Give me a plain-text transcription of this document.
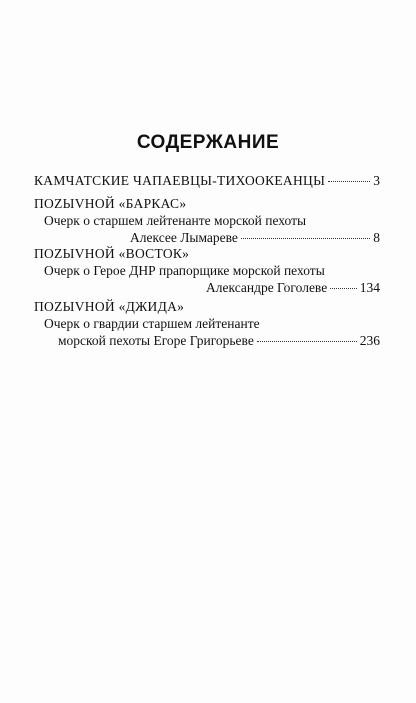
СОДЕРЖАНИЕ
КАМЧАТСКИЕ ЧАПАЕВЦЫ-ТИХООКЕАНЦЫ	3
ПОZЫVНОЙ «БАРКАС»
Очерк о старшем лейтенанте морской пехоты
Алексее Лымареве	8
ПОZЫVНОЙ «ВОСТОК»
Очерк о Герое ДНР прапорщике морской пехоты
Александре Гоголеве 134
ПОZЫVНОЙ «ДЖИДА»
Очерк о гвардии старшем лейтенанте
морской пехоты Егоре Григорьеве	236
